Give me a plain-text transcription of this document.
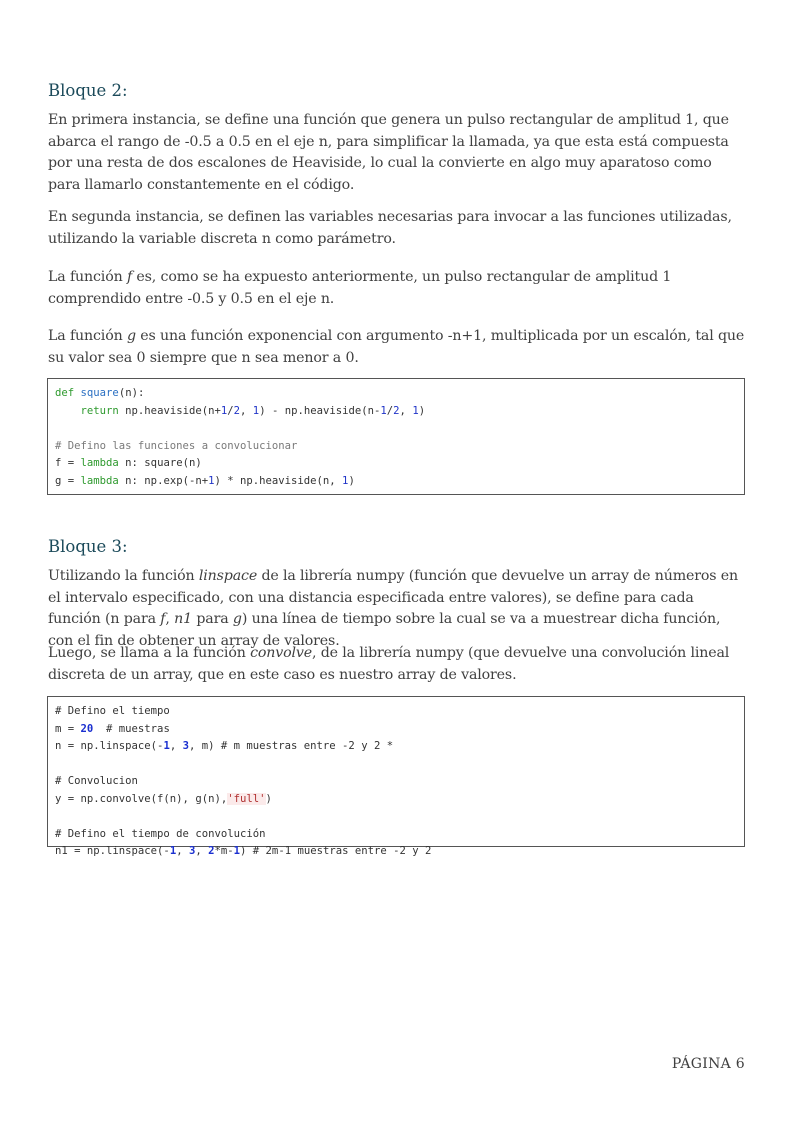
Bloque 2:

En primera instancia, se define una función que genera un pulso rectangular de amplitud 1, que abarca el rango de -0.5 a 0.5 en el eje n, para simplificar la llamada, ya que esta está compuesta por una resta de dos escalones de Heaviside, lo cual la convierte en algo muy aparatoso como para llamarlo constantemente en el código.

En segunda instancia, se definen las variables necesarias para invocar a las funciones utilizadas, utilizando la variable discreta n como parámetro.

La función f es, como se ha expuesto anteriormente, un pulso rectangular de amplitud 1 comprendido entre -0.5 y 0.5 en el eje n.

La función g es una función exponencial con argumento -n+1, multiplicada por un escalón, tal que su valor sea 0 siempre que n sea menor a 0.

def square(n):
return np.heaviside(n+1/2, 1) - np.heaviside(n-1/2, 1)
# Defino las funciones a convolucionar
f = lambda n: square(n)
g = lambda n: np.exp(-n+1) * np.heaviside(n, 1)
Bloque 3:

Utilizando la función linspace de la librería numpy (función que devuelve un array de números en el intervalo especificado, con una distancia especificada entre valores), se define para cada función (n para f, n1 para g) una línea de tiempo sobre la cual se va a muestrear dicha función, con el fin de obtener un array de valores.

Luego, se llama a la función convolve, de la librería numpy (que devuelve una convolución lineal discreta de un array, que en este caso es nuestro array de valores.

# Defino el tiempo
m = 20  # muestras
n = np.linspace(-1, 3, m) # m muestras entre -2 y 2 *
# Convolucion
y = np.convolve(f(n), g(n),'full')
# Defino el tiempo de convolución
n1 = np.linspace(-1, 3, 2*m-1) # 2m-1 muestras entre -2 y 2
PÁGINA 6
